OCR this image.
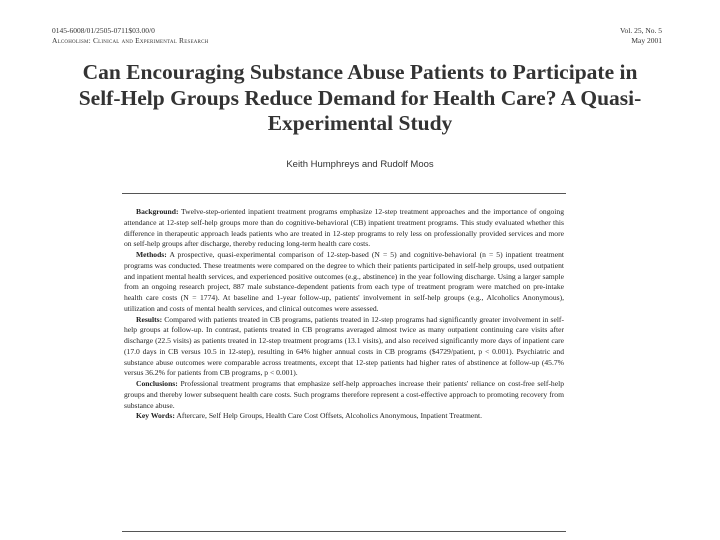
0145-6008/01/2505-0711$03.00/0
Alcoholism: Clinical and Experimental Research
Vol. 25, No. 5
May 2001
Can Encouraging Substance Abuse Patients to Participate in Self-Help Groups Reduce Demand for Health Care? A Quasi-Experimental Study
Keith Humphreys and Rudolf Moos

Background: Twelve-step-oriented inpatient treatment programs emphasize 12-step treatment approaches and the importance of ongoing attendance at 12-step self-help groups more than do cognitive-behavioral (CB) inpatient treatment programs. This study evaluated whether this difference in therapeutic approach leads patients who are treated in 12-step programs to rely less on professionally provided services and more on self-help groups after discharge, thereby reducing long-term health care costs.

Methods: A prospective, quasi-experimental comparison of 12-step-based (N = 5) and cognitive-behavioral (n = 5) inpatient treatment programs was conducted. These treatments were compared on the degree to which their patients participated in self-help groups, used outpatient and inpatient mental health services, and experienced positive outcomes (e.g., abstinence) in the year following discharge. Using a larger sample from an ongoing research project, 887 male substance-dependent patients from each type of treatment program were matched on pre-intake health care costs (N = 1774). At baseline and 1-year follow-up, patients' involvement in self-help groups (e.g., Alcoholics Anonymous), utilization and costs of mental health services, and clinical outcomes were assessed.

Results: Compared with patients treated in CB programs, patients treated in 12-step programs had significantly greater involvement in self-help groups at follow-up. In contrast, patients treated in CB programs averaged almost twice as many outpatient continuing care visits after discharge (22.5 visits) as patients treated in 12-step treatment programs (13.1 visits), and also received significantly more days of inpatient care (17.0 days in CB versus 10.5 in 12-step), resulting in 64% higher annual costs in CB programs ($4729/patient, p < 0.001). Psychiatric and substance abuse outcomes were comparable across treatments, except that 12-step patients had higher rates of abstinence at follow-up (45.7% versus 36.2% for patients from CB programs, p < 0.001).

Conclusions: Professional treatment programs that emphasize self-help approaches increase their patients' reliance on cost-free self-help groups and thereby lower subsequent health care costs. Such programs therefore represent a cost-effective approach to promoting recovery from substance abuse.

Key Words: Aftercare, Self Help Groups, Health Care Cost Offsets, Alcoholics Anonymous, Inpatient Treatment.
